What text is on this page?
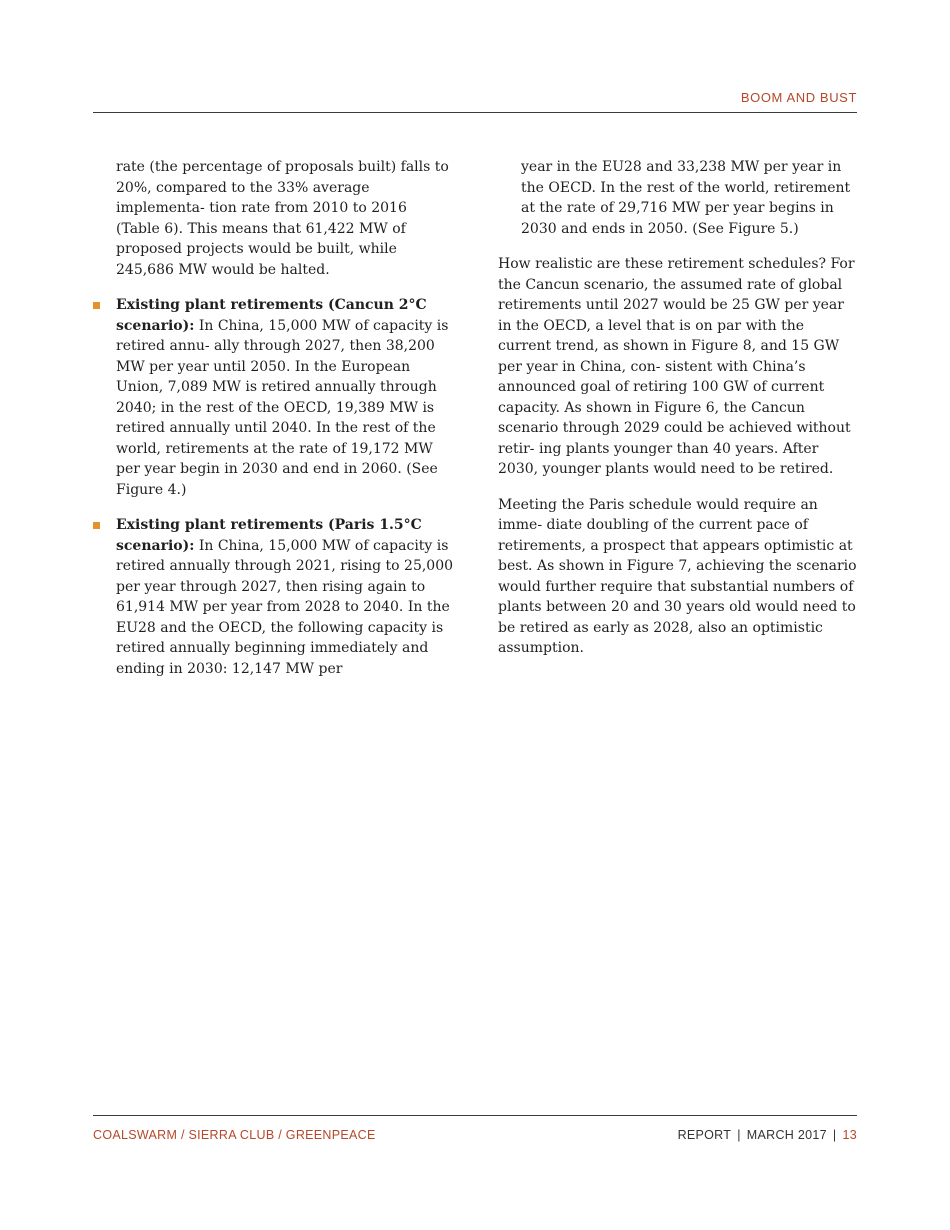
BOOM AND BUST

rate (the percentage of proposals built) falls to 20%, compared to the 33% average implementa- tion rate from 2010 to 2016 (Table 6). This means that 61,422 MW of proposed projects would be built, while 245,686 MW would be halted.

Existing plant retirements (Cancun 2°C scenario): In China, 15,000 MW of capacity is retired annu- ally through 2027, then 38,200 MW per year until 2050. In the European Union, 7,089 MW is retired annually through 2040; in the rest of the OECD, 19,389 MW is retired annually until 2040. In the rest of the world, retirements at the rate of 19,172 MW per year begin in 2030 and end in 2060. (See Figure 4.)
Existing plant retirements (Paris 1.5°C scenario): In China, 15,000 MW of capacity is retired annually through 2021, rising to 25,000 per year through 2027, then rising again to 61,914 MW per year from 2028 to 2040. In the EU28 and the OECD, the following capacity is retired annually beginning immediately and ending in 2030: 12,147 MW per

year in the EU28 and 33,238 MW per year in the OECD. In the rest of the world, retirement at the rate of 29,716 MW per year begins in 2030 and ends in 2050. (See Figure 5.)

How realistic are these retirement schedules? For the Cancun scenario, the assumed rate of global retirements until 2027 would be 25 GW per year in the OECD, a level that is on par with the current trend, as shown in Figure 8, and 15 GW per year in China, con- sistent with China’s announced goal of retiring 100 GW of current capacity. As shown in Figure 6, the Cancun scenario through 2029 could be achieved without retir- ing plants younger than 40 years. After 2030, younger plants would need to be retired.

Meeting the Paris schedule would require an imme- diate doubling of the current pace of retirements, a prospect that appears optimistic at best. As shown in Figure 7, achieving the scenario would further require that substantial numbers of plants between 20 and 30 years old would need to be retired as early as 2028, also an optimistic assumption.

COALSWARM / SIERRA CLUB / GREENPEACE	REPORT | MARCH 2017 | 13
